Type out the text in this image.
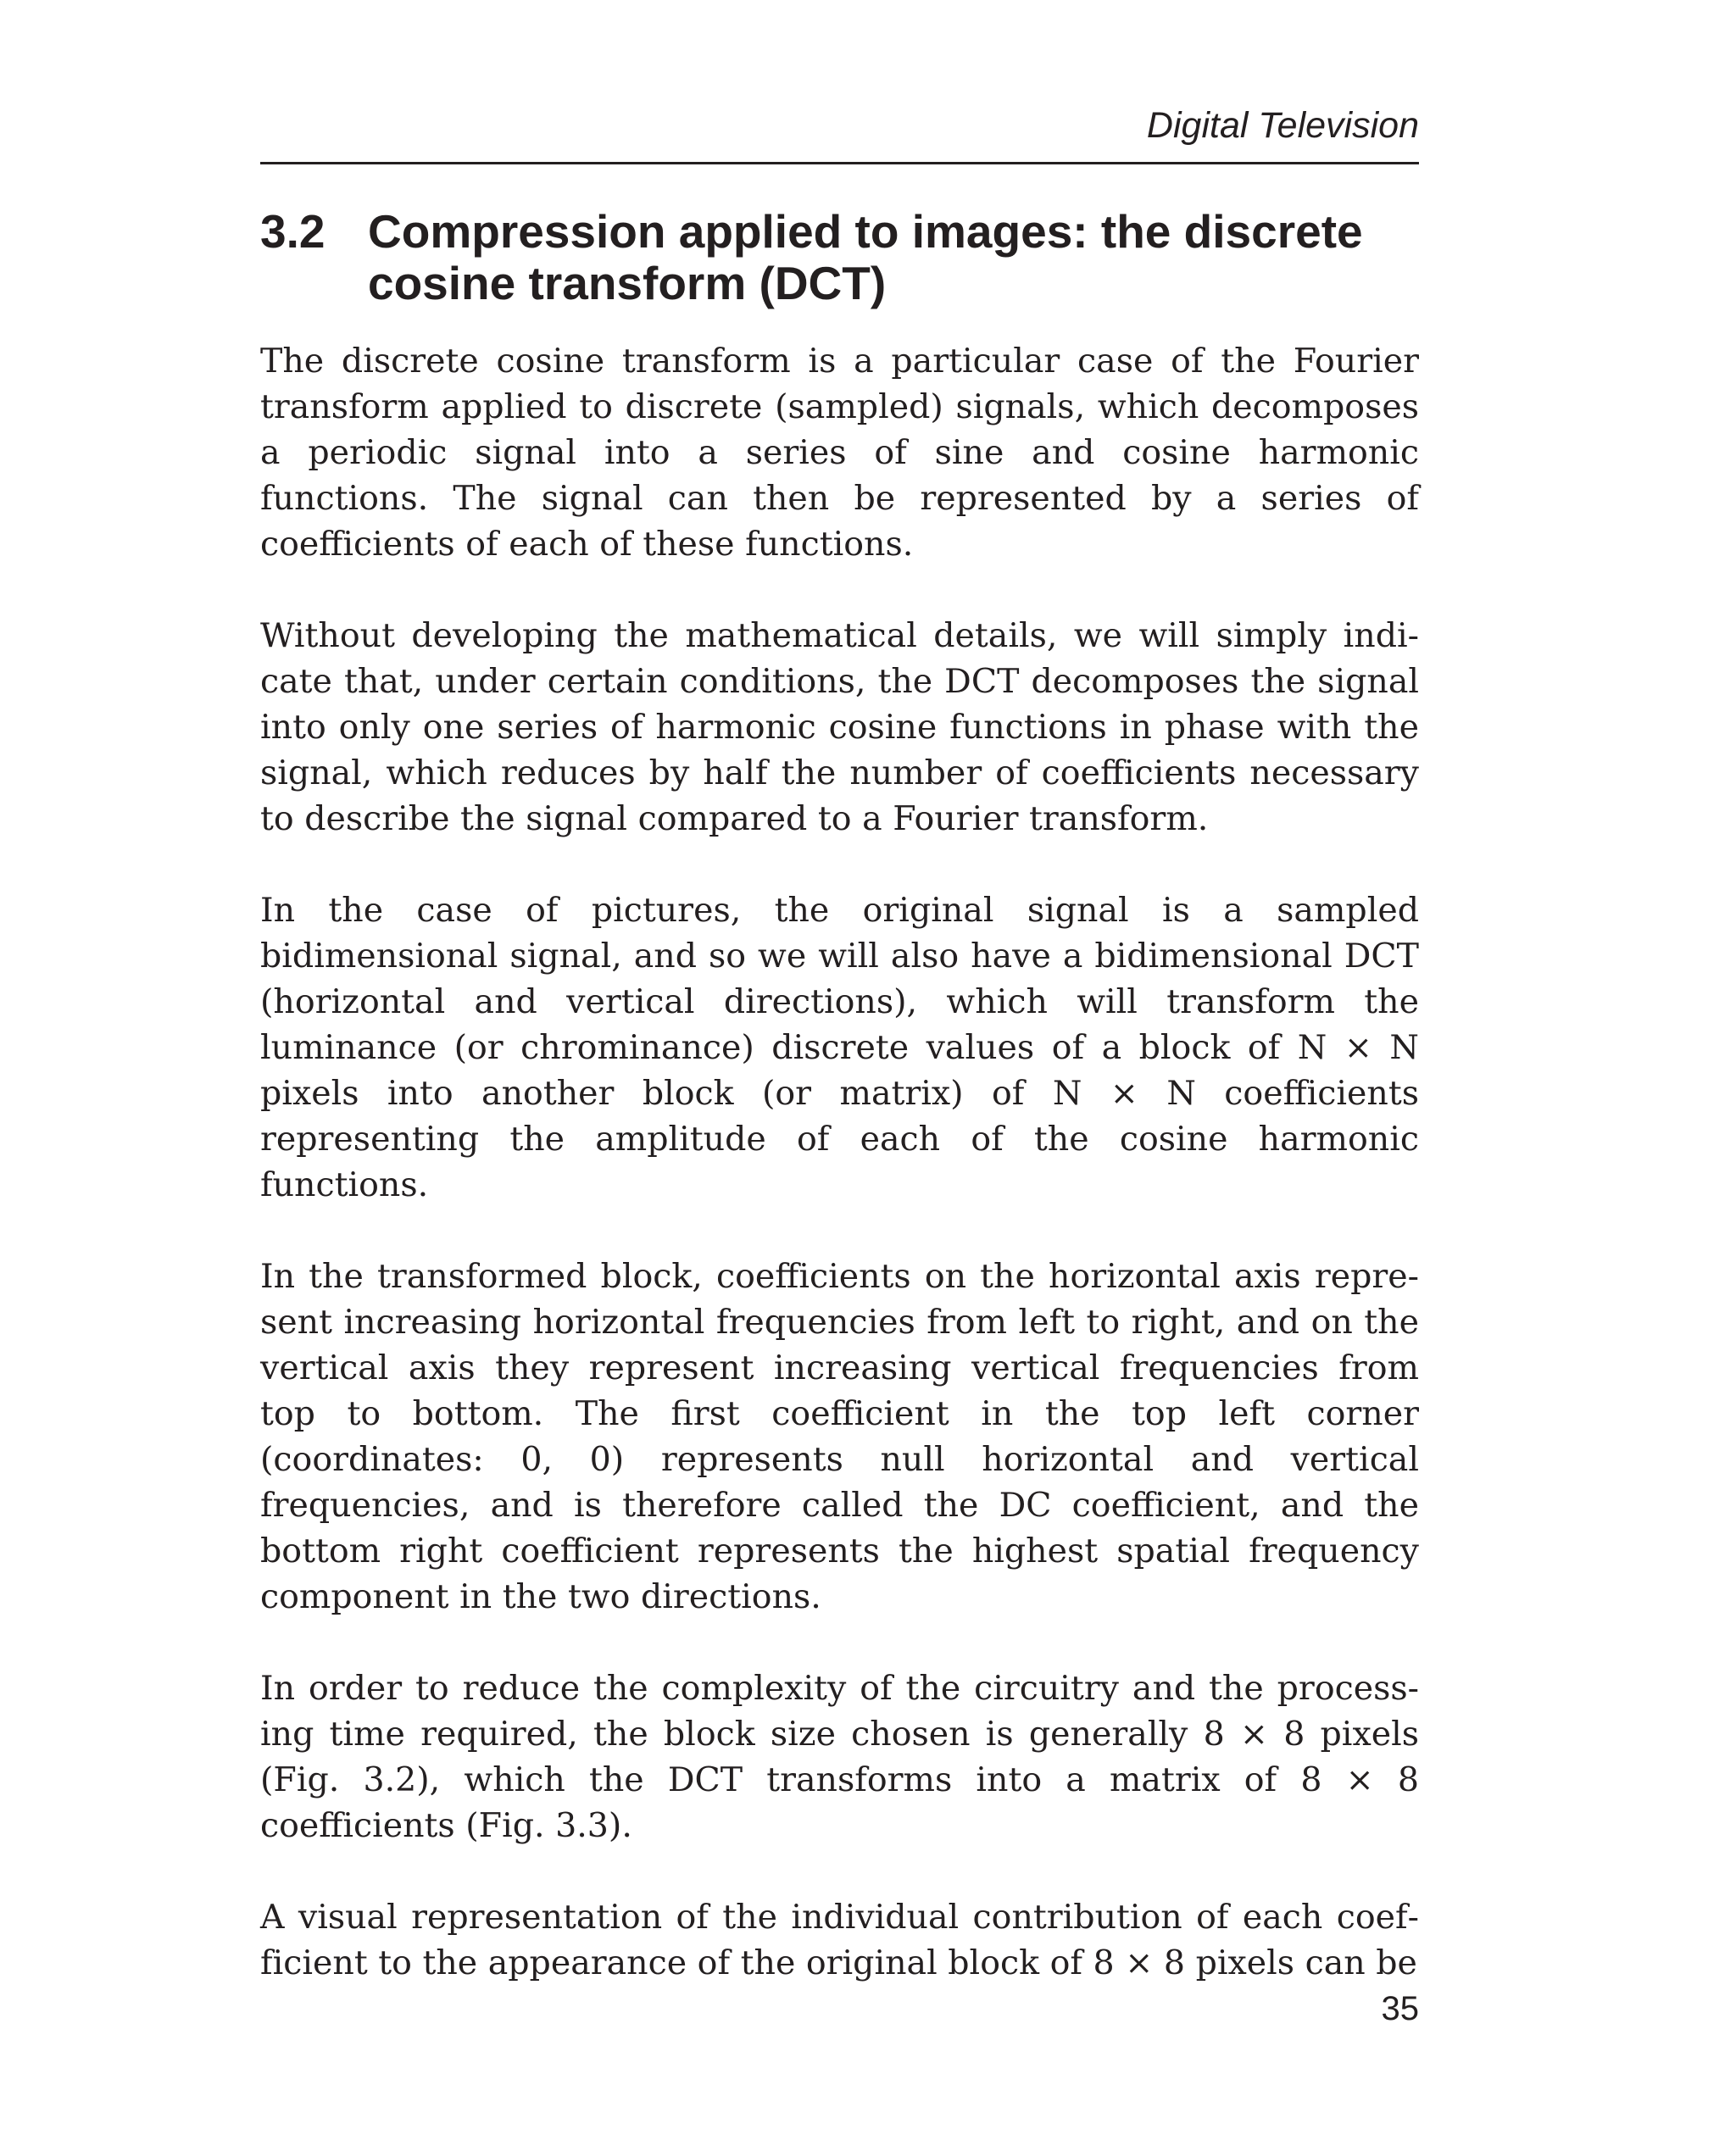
Digital Television
3.2 Compression applied to images: the discrete cosine transform (DCT)

The discrete cosine transform is a particular case of the Fourier transform applied to discrete (sampled) signals, which decomposes a periodic signal into a series of sine and cosine harmonic functions. The signal can then be represented by a series of coefficients of each of these functions.

Without developing the mathematical details, we will simply indicate that, under certain conditions, the DCT decomposes the signal into only one series of harmonic cosine functions in phase with the signal, which reduces by half the number of coefficients necessary to describe the signal compared to a Fourier transform.

In the case of pictures, the original signal is a sampled bidimensional signal, and so we will also have a bidimensional DCT (horizontal and vertical directions), which will transform the luminance (or chrominance) discrete values of a block of N × N pixels into another block (or matrix) of N × N coefficients representing the amplitude of each of the cosine harmonic functions.

In the transformed block, coefficients on the horizontal axis represent increasing horizontal frequencies from left to right, and on the vertical axis they represent increasing vertical frequencies from top to bottom. The first coefficient in the top left corner (coordinates: 0, 0) represents null horizontal and vertical frequencies, and is therefore called the DC coefficient, and the bottom right coefficient represents the highest spatial frequency component in the two directions.

In order to reduce the complexity of the circuitry and the processing time required, the block size chosen is generally 8 × 8 pixels (Fig. 3.2), which the DCT transforms into a matrix of 8 × 8 coefficients (Fig. 3.3).

A visual representation of the individual contribution of each coefficient to the appearance of the original block of 8 × 8 pixels can be

35
